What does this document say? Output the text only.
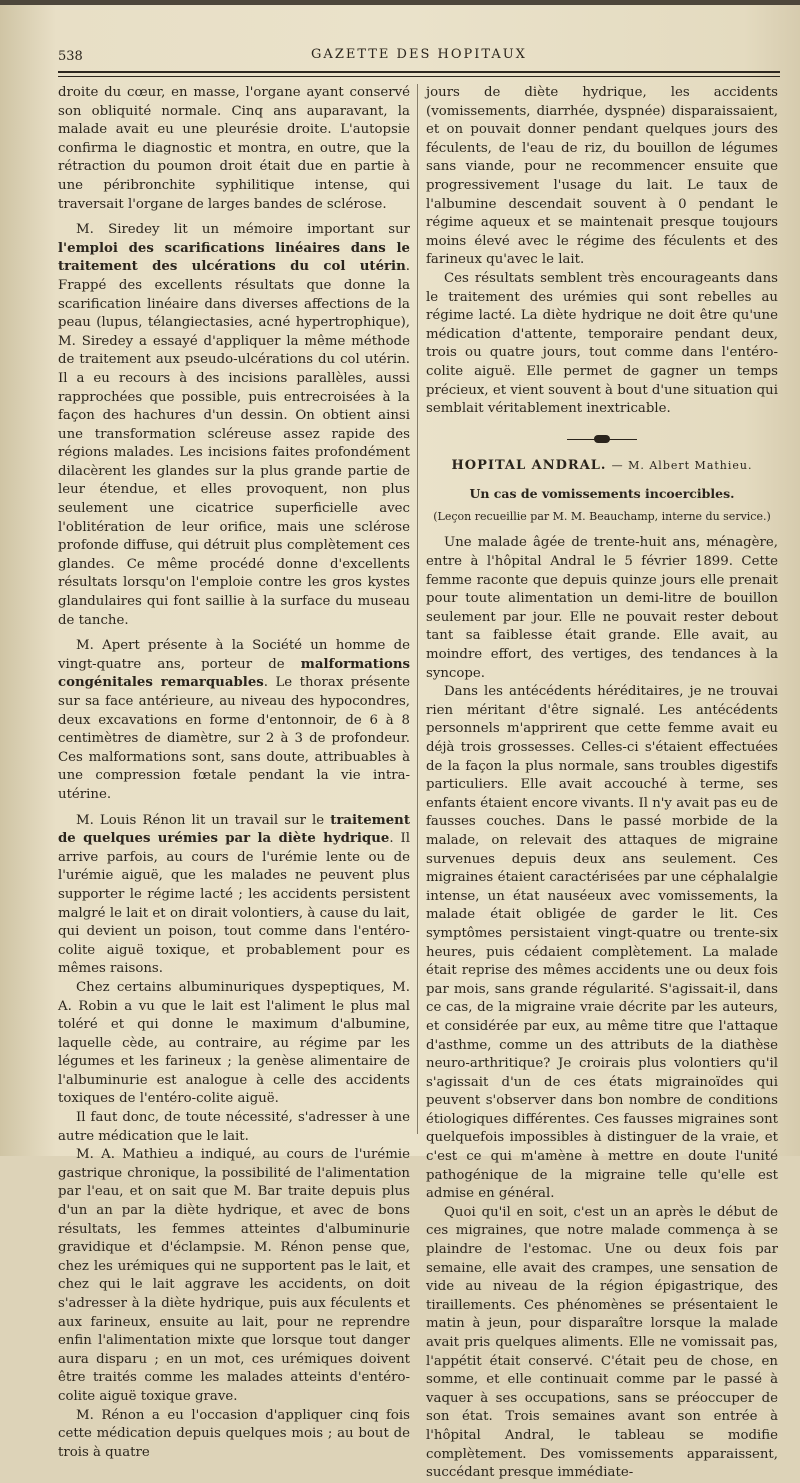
538	GAZETTE DES HOPITAUX

droite du cœur, en masse, l'organe ayant conservé son obliquité normale. Cinq ans auparavant, la malade avait eu une pleurésie droite. L'autopsie confirma le diagnostic et montra, en outre, que la rétraction du poumon droit était due en partie à une péribronchite syphilitique intense, qui traversait l'organe de larges bandes de sclérose.

M. Siredey lit un mémoire important sur l'emploi des scarifications linéaires dans le traitement des ulcérations du col utérin. Frappé des excellents résultats que donne la scarification linéaire dans diverses affections de la peau (lupus, télangiectasies, acné hypertrophique), M. Siredey a essayé d'appliquer la même méthode de traitement aux pseudo-ulcérations du col utérin. Il a eu recours à des incisions parallèles, aussi rapprochées que possible, puis entrecroisées à la façon des hachures d'un dessin. On obtient ainsi une transformation scléreuse assez rapide des régions malades. Les incisions faites profondément dilacèrent les glandes sur la plus grande partie de leur étendue, et elles provoquent, non plus seulement une cicatrice superficielle avec l'oblitération de leur orifice, mais une sclérose profonde diffuse, qui détruit plus complètement ces glandes. Ce même procédé donne d'excellents résultats lorsqu'on l'emploie contre les gros kystes glandulaires qui font saillie à la surface du museau de tanche.

M. Apert présente à la Société un homme de vingt-quatre ans, porteur de malformations congénitales remarquables. Le thorax présente sur sa face antérieure, au niveau des hypocondres, deux excavations en forme d'entonnoir, de 6 à 8 centimètres de diamètre, sur 2 à 3 de profondeur. Ces malformations sont, sans doute, attribuables à une compression fœtale pendant la vie intra-utérine.

M. Louis Rénon lit un travail sur le traitement de quelques urémies par la diète hydrique. Il arrive parfois, au cours de l'urémie lente ou de l'urémie aiguë, que les malades ne peuvent plus supporter le régime lacté ; les accidents persistent malgré le lait et on dirait volontiers, à cause du lait, qui devient un poison, tout comme dans l'entéro-colite aiguë toxique, et probablement pour es mêmes raisons.

Chez certains albuminuriques dyspeptiques, M. A. Robin a vu que le lait est l'aliment le plus mal toléré et qui donne le maximum d'albumine, laquelle cède, au contraire, au régime par les légumes et les farineux ; la genèse alimentaire de l'albuminurie est analogue à celle des accidents toxiques de l'entéro-colite aiguë.

Il faut donc, de toute nécessité, s'adresser à une autre médication que le lait.

M. A. Mathieu a indiqué, au cours de l'urémie gastrique chronique, la possibilité de l'alimentation par l'eau, et on sait que M. Bar traite depuis plus d'un an par la diète hydrique, et avec de bons résultats, les femmes atteintes d'albuminurie gravidique et d'éclampsie. M. Rénon pense que, chez les urémiques qui ne supportent pas le lait, et chez qui le lait aggrave les accidents, on doit s'adresser à la diète hydrique, puis aux féculents et aux farineux, ensuite au lait, pour ne reprendre enfin l'alimentation mixte que lorsque tout danger aura disparu ; en un mot, ces urémiques doivent être traités comme les malades atteints d'entéro-colite aiguë toxique grave.

M. Rénon a eu l'occasion d'appliquer cinq fois cette médication depuis quelques mois ; au bout de trois à quatre

jours de diète hydrique, les accidents (vomissements, diarrhée, dyspnée) disparaissaient, et on pouvait donner pendant quelques jours des féculents, de l'eau de riz, du bouillon de légumes sans viande, pour ne recommencer ensuite que progressivement l'usage du lait. Le taux de l'albumine descendait souvent à 0 pendant le régime aqueux et se maintenait presque toujours moins élevé avec le régime des féculents et des farineux qu'avec le lait.

Ces résultats semblent très encourageants dans le traitement des urémies qui sont rebelles au régime lacté. La diète hydrique ne doit être qu'une médication d'attente, temporaire pendant deux, trois ou quatre jours, tout comme dans l'entéro-colite aiguë. Elle permet de gagner un temps précieux, et vient souvent à bout d'une situation qui semblait véritablement inextricable.

HOPITAL ANDRAL. — M. Albert Mathieu.
Un cas de vomissements incoercibles.
(Leçon recueillie par M. M. Beauchamp, interne du service.)

Une malade âgée de trente-huit ans, ménagère, entre à l'hôpital Andral le 5 février 1899. Cette femme raconte que depuis quinze jours elle prenait pour toute alimentation un demi-litre de bouillon seulement par jour. Elle ne pouvait rester debout tant sa faiblesse était grande. Elle avait, au moindre effort, des vertiges, des tendances à la syncope.

Dans les antécédents héréditaires, je ne trouvai rien méritant d'être signalé. Les antécédents personnels m'apprirent que cette femme avait eu déjà trois grossesses. Celles-ci s'étaient effectuées de la façon la plus normale, sans troubles digestifs particuliers. Elle avait accouché à terme, ses enfants étaient encore vivants. Il n'y avait pas eu de fausses couches. Dans le passé morbide de la malade, on relevait des attaques de migraine survenues depuis deux ans seulement. Ces migraines étaient caractérisées par une céphalalgie intense, un état nauséeux avec vomissements, la malade était obligée de garder le lit. Ces symptômes persistaient vingt-quatre ou trente-six heures, puis cédaient complètement. La malade était reprise des mêmes accidents une ou deux fois par mois, sans grande régularité. S'agissait-il, dans ce cas, de la migraine vraie décrite par les auteurs, et considérée par eux, au même titre que l'attaque d'asthme, comme un des attributs de la diathèse neuro-arthritique? Je croirais plus volontiers qu'il s'agissait d'un de ces états migrainoïdes qui peuvent s'observer dans bon nombre de conditions étiologiques différentes. Ces fausses migraines sont quelquefois impossibles à distinguer de la vraie, et c'est ce qui m'amène à mettre en doute l'unité pathogénique de la migraine telle qu'elle est admise en général.

Quoi qu'il en soit, c'est un an après le début de ces migraines, que notre malade commença à se plaindre de l'estomac. Une ou deux fois par semaine, elle avait des crampes, une sensation de vide au niveau de la région épigastrique, des tiraillements. Ces phénomènes se présentaient le matin à jeun, pour disparaître lorsque la malade avait pris quelques aliments. Elle ne vomissait pas, l'appétit était conservé. C'était peu de chose, en somme, et elle continuait comme par le passé à vaquer à ses occupations, sans se préoccuper de son état. Trois semaines avant son entrée à l'hôpital Andral, le tableau se modifie complètement. Des vomissements apparaissent, succédant presque immédiate-
